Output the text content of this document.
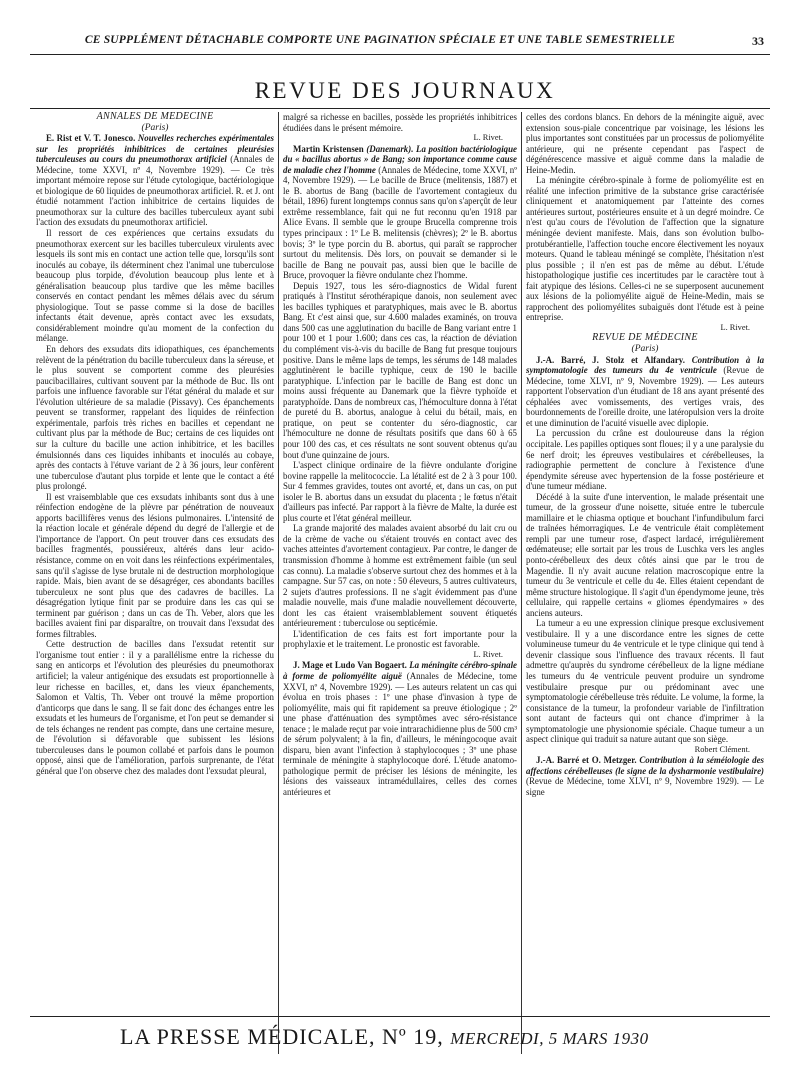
CE SUPPLÉMENT DÉTACHABLE COMPORTE UNE PAGINATION SPÉCIALE ET UNE TABLE SEMESTRIELLE	33
REVUE DES JOURNAUX

ANNALES DE MÉDECINE

(Paris)

E. Rist et V. T. Jonesco. Nouvelles recherches expérimentales sur les propriétés inhibitrices de certaines pleurésies tuberculeuses au cours du pneumothorax artificiel (Annales de Médecine, tome XXVI, nº 4, Novembre 1929). — Ce très important mémoire repose sur l'étude cytologique, bactériologique et biologique de 60 liquides de pneumothorax artificiel. R. et J. ont étudié notamment l'action inhibitrice de certains liquides de pneumothorax sur la culture des bacilles tuberculeux ayant subi l'action des exsudats du pneumothorax artificiel.

Il ressort de ces expériences que certains exsudats du pneumothorax exercent sur les bacilles tuberculeux virulents avec lesquels ils sont mis en contact une action telle que, lorsqu'ils sont inoculés au cobaye, ils déterminent chez l'animal une tuberculose beaucoup plus torpide, d'évolution beaucoup plus lente et à généralisation beaucoup plus tardive que les même bacilles conservés en contact pendant les mêmes délais avec du sérum physiologique. Tout se passe comme si la dose de bacilles infectants était devenue, après contact avec les exsudats, considérablement moindre qu'au moment de la confection du mélange.

En dehors des exsudats dits idiopathiques, ces épanchements relèvent de la pénétration du bacille tuberculeux dans la séreuse, et le plus souvent se comportent comme des pleurésies paucibacillaires, cultivant souvent par la méthode de Buc. Ils ont parfois une influence favorable sur l'état général du malade et sur l'évolution ultérieure de sa maladie (Pissavy). Ces épanchements peuvent se transformer, rappelant des liquides de réinfection expérimentale, parfois très riches en bacilles et cependant ne cultivant plus par la méthode de Buc; certains de ces liquides ont sur la culture du bacille une action inhibitrice, et les bacilles émulsionnés dans ces liquides inhibants et inoculés au cobaye, après des contacts à l'étuve variant de 2 à 36 jours, leur confèrent une tuberculose d'autant plus torpide et lente que le contact a été plus prolongé.

Il est vraisemblable que ces exsudats inhibants sont dus à une réinfection endogène de la plèvre par pénétration de nouveaux apports bacillifères venus des lésions pulmonaires. L'intensité de la réaction locale et générale dépend du degré de l'allergie et de l'importance de l'apport. On peut trouver dans ces exsudats des bacilles fragmentés, poussiéreux, altérés dans leur acido-résistance, comme on en voit dans les réinfections expérimentales, sans qu'il s'agisse de lyse brutale ni de destruction morphologique rapide. Mais, bien avant de se désagréger, ces abondants bacilles tuberculeux ne sont plus que des cadavres de bacilles. La désagrégation lytique finit par se produire dans les cas qui se terminent par guérison ; dans un cas de Th. Veber, alors que les bacilles avaient fini par disparaître, on trouvait dans l'exsudat des formes filtrables.

Cette destruction de bacilles dans l'exsudat retentit sur l'organisme tout entier : il y a parallélisme entre la richesse du sang en anticorps et l'évolution des pleurésies du pneumothorax artificiel; la valeur antigénique des exsudats est proportionnelle à leur richesse en bacilles, et, dans les vieux épanchements, Salomon et Valtis, Th. Veber ont trouvé la même proportion d'anticorps que dans le sang. Il se fait donc des échanges entre les exsudats et les humeurs de l'organisme, et l'on peut se demander si de tels échanges ne rendent pas compte, dans une certaine mesure, de l'évolution si défavorable que subissent les lésions tuberculeuses dans le poumon collabé et parfois dans le poumon opposé, ainsi que de l'amélioration, parfois surprenante, de l'état général que l'on observe chez des malades dont l'exsudat pleural,

malgré sa richesse en bacilles, possède les propriétés inhibitrices étudiées dans le présent mémoire.

L. Rivet.

Martin Kristensen (Danemark). La position bactériologique du « bacillus abortus » de Bang; son importance comme cause de maladie chez l'homme (Annales de Médecine, tome XXVI, nº 4, Novembre 1929). — Le bacille de Bruce (melitensis, 1887) et le B. abortus de Bang (bacille de l'avortement contagieux du bétail, 1896) furent longtemps connus sans qu'on s'aperçût de leur extrême ressemblance, fait qui ne fut reconnu qu'en 1918 par Alice Evans. Il semble que le groupe Brucella comprenne trois types principaux : 1º Le B. melitensis (chèvres); 2º le B. abortus bovis; 3º le type porcin du B. abortus, qui paraît se rapprocher surtout du melitensis. Dès lors, on pouvait se demander si le bacille de Bang ne pouvait pas, aussi bien que le bacille de Bruce, provoquer la fièvre ondulante chez l'homme.

Depuis 1927, tous les séro-diagnostics de Widal furent pratiqués à l'Institut sérothérapique danois, non seulement avec les bacilles typhiques et paratyphiques, mais avec le B. abortus Bang. Et c'est ainsi que, sur 4.600 malades examinés, on trouva dans 500 cas une agglutination du bacille de Bang variant entre 1 pour 100 et 1 pour 1.600; dans ces cas, la réaction de déviation du complément vis-à-vis du bacille de Bang fut presque toujours positive. Dans le même laps de temps, les sérums de 148 malades agglutinèrent le bacille typhique, ceux de 190 le bacille paratyphique. L'infection par le bacille de Bang est donc un moins aussi fréquente au Danemark que la fièvre typhoïde et paratyphoïde. Dans de nombreux cas, l'hémoculture donna à l'état de pureté du B. abortus, analogue à celui du bétail, mais, en pratique, on peut se contenter du séro-diagnostic, car l'hémoculture ne donne de résultats positifs que dans 60 à 65 pour 100 des cas, et ces résultats ne sont souvent obtenus qu'au bout d'une quinzaine de jours.

L'aspect clinique ordinaire de la fièvre ondulante d'origine bovine rappelle la melitococcie. La létalité est de 2 à 3 pour 100. Sur 4 femmes gravides, toutes ont avorté, et, dans un cas, on put isoler le B. abortus dans un exsudat du placenta ; le fœtus n'était d'ailleurs pas infecté. Par rapport à la fièvre de Malte, la durée est plus courte et l'état général meilleur.

La grande majorité des malades avaient absorbé du lait cru ou de la crème de vache ou s'étaient trouvés en contact avec des vaches atteintes d'avortement contagieux. Par contre, le danger de transmission d'homme à homme est extrêmement faible (un seul cas connu). La maladie s'observe surtout chez des hommes et à la campagne. Sur 57 cas, on note : 50 éleveurs, 5 autres cultivateurs, 2 sujets d'autres professions. Il ne s'agit évidemment pas d'une maladie nouvelle, mais d'une maladie nouvellement découverte, dont les cas étaient vraisemblablement souvent étiquetés antérieurement : tuberculose ou septicémie.

L'identification de ces faits est fort importante pour la prophylaxie et le traitement. Le pronostic est favorable.

L. Rivet.

J. Mage et Ludo Van Bogaert. La méningite cérébro-spinale à forme de poliomyélite aiguë (Annales de Médecine, tome XXVI, nº 4, Novembre 1929). — Les auteurs relatent un cas qui évolua en trois phases : 1º une phase d'invasion à type de poliomyélite, mais qui fit rapidement sa preuve étiologique ; 2º une phase d'atténuation des symptômes avec séro-résistance tenace ; le malade reçut par voie intrarachidienne plus de 500 cm³ de sérum polyvalent; à la fin, d'ailleurs, le méningocoque avait disparu, bien avant l'infection à staphylocoques ; 3º une phase terminale de méningite à staphylocoque doré. L'étude anatomo-pathologique permit de préciser les lésions de méningite, les lésions des vaisseaux intramédullaires, celles des cornes antérieures et

celles des cordons blancs. En dehors de la méningite aiguë, avec extension sous-piale concentrique par voisinage, les lésions les plus importantes sont constituées par un processus de poliomyélite antérieure, qui ne présente cependant pas l'aspect de dégénérescence massive et aiguë comme dans la maladie de Heine-Medin.

La méningite cérébro-spinale à forme de poliomyélite est en réalité une infection primitive de la substance grise caractérisée cliniquement et anatomiquement par l'atteinte des cornes antérieures surtout, postérieures ensuite et à un degré moindre. Ce n'est qu'au cours de l'évolution de l'affection que la signature méningée devient manifeste. Mais, dans son évolution bulbo-protubérantielle, l'affection touche encore électivement les noyaux moteurs. Quand le tableau méningé se complète, l'hésitation n'est plus possible ; il n'en est pas de même au début. L'étude histopathologique justifie ces incertitudes par le caractère tout à fait atypique des lésions. Celles-ci ne se superposent aucunement aux lésions de la poliomyélite aiguë de Heine-Medin, mais se rapprochent des poliomyélites subaiguës dont l'étude est à peine entreprise.

L. Rivet.

REVUE DE MÉDECINE

(Paris)

J.-A. Barré, J. Stolz et Alfandary. Contribution à la symptomatologie des tumeurs du 4e ventricule (Revue de Médecine, tome XLVI, nº 9, Novembre 1929). — Les auteurs rapportent l'observation d'un étudiant de 18 ans ayant présenté des céphalées avec vomissements, des vertiges vrais, des bourdonnements de l'oreille droite, une latéropulsion vers la droite et une diminution de l'acuité visuelle avec diplopie.

La percussion du crâne est douloureuse dans la région occipitale. Les papilles optiques sont floues; il y a une paralysie du 6e nerf droit; les épreuves vestibulaires et cérébelleuses, la radiographie permettent de conclure à l'existence d'une épendymite séreuse avec hypertension de la fosse postérieure et d'une tumeur médiane.

Décédé à la suite d'une intervention, le malade présentait une tumeur, de la grosseur d'une noisette, située entre le tubercule mamillaire et le chiasma optique et bouchant l'infundibulum farci de traînées hémorragiques. Le 4e ventricule était complètement rempli par une tumeur rose, d'aspect lardacé, irrégulièrement œdémateuse; elle sortait par les trous de Luschka vers les angles ponto-cérébelleux des deux côtés ainsi que par le trou de Magendie. Il n'y avait aucune relation macroscopique entre la tumeur du 3e ventricule et celle du 4e. Elles étaient cependant de même structure histologique. Il s'agit d'un épendymome jeune, très cellulaire, qui rappelle certains « gliomes épendymaires » des anciens auteurs.

La tumeur a eu une expression clinique presque exclusivement vestibulaire. Il y a une discordance entre les signes de cette volumineuse tumeur du 4e ventricule et le type clinique qui tend à devenir classique sous l'influence des travaux récents. Il faut admettre qu'auprès du syndrome cérébelleux de la ligne médiane les tumeurs du 4e ventricule peuvent produire un syndrome vestibulaire presque pur ou prédominant avec une symptomatologie cérébelleuse très réduite. Le volume, la forme, la consistance de la tumeur, la profondeur variable de l'infiltration sont autant de facteurs qui ont chance d'imprimer à la symptomatologie une physionomie spéciale. Chaque tumeur a un aspect clinique qui traduit sa nature autant que son siège.

Robert Clément.

J.-A. Barré et O. Metzger. Contribution à la séméiologie des affections cérébelleuses (le signe de la dysharmonie vestibulaire) (Revue de Médecine, tome XLVI, nº 9, Novembre 1929). — Le signe

LA PRESSE MÉDICALE, Nº 19, MERCREDI, 5 MARS 1930
